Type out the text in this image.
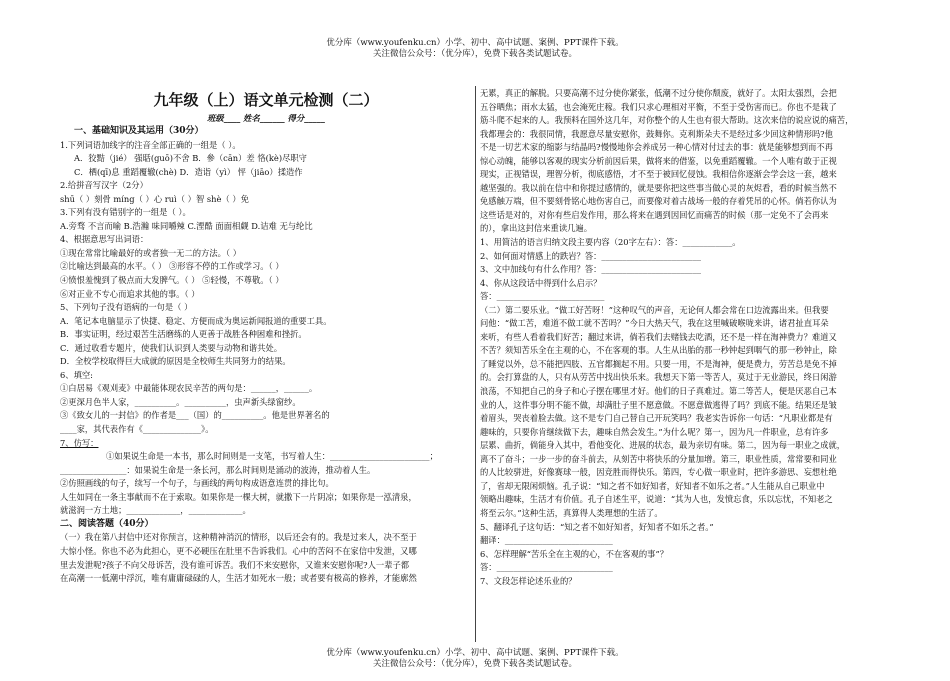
优分库（www.youfenku.cn）小学、初中、高中试题、案例、PPT课件下载。
关注微信公众号：（优分库），免费下载各类试题试卷。

九年级（上）语文单元检测（二）

班级____ 姓名______ 得分_____

一、基础知识及其运用（30分）

1.下列词语加线字的注音全部正确的一组是（ ）。

A．狡黠（jié） 强聒(guō)不舍 B．參（cān）差 恪(kè)尽职守

C．栖(qī)息 重蹈覆辙(chè) D．造诣（yì） 怦（jiāo）揉造作

2.给拼音写汉字（2分）

shū（ ）刻骨 míng（ ）心 ruì（ ）智 shè（ ）免

3.下列有没有错别字的一组是（ ）。

A.旁骛 不言而喻 B.浩瀚 味同嚼辣 C.湮酷 面面相觑 D.诘难 无与纶比

4、根据意思写出词语：

①现在常常比喻最好的或者独一无二的方法。（ ）

②比喻达到最高的水平。（ ） ③形容不停的工作或学习。（ ）

④愤恨羞愧到了极点而大发脾气。（ ） ⑤轻慢，不尊敬。（ ）

⑥对正业不专心而追求其他的事。（ ）

5、下列句子没有语病的一句是（ ）

A．笔记本电脑显示了快捷、稳定、方便而成为奥运新闻报道的重要工具。

B．事实证明，经过艰苦生活磨练的人更善于战胜各种困难和挫折。

C．通过收看专题片，使我们认识到人类要与动物和谐共处。

D．全校学校取得巨大成就的原因是全校师生共同努力的结果。

6、填空:

①白居易《观刈麦》中最能体现农民辛苦的两句是：______，______。

②更深月色半人家，__________。__________，虫声新头绿窗纱。

③《致女儿的一封信》的作者是___（国）的__________。他是世界著名的

____家，其代表作有《______________》。

7、仿写：

①如果说生命是一本书，那么时间则是一支笔，书写着人生：________________________；

________________：如果说生命是一条长河，那么时间则是涌动的波涛，推动着人生。

②仿照画线的句子，续写一个句子，与画线的两句构成语意连贯的排比句。

人生如同在一条主事献而不在于索取。如果你是一棵大树，就撒下一片阴凉；如果你是一泓清泉，

就滋润一方土地；_____________，_____________。

二、阅读答题（40分）

（一）我在第八封信中还对你预言，这种精神消沉的情形，以后还会有的。我是过来人，决不至于

大惊小怪。你也不必为此担心，更不必硬压在肚里不告诉我们。心中的苦闷不在家信中发泄，又哪

里去发泄呢?孩子不向父母诉苦，没有谁可诉苦。我们不来安慰你，又谁来安慰你呢?人一辈子都

在高潮一一低潮中浮沉，唯有庸庸碌碌的人，生活才如死水一般；或者要有极高的修养，才能廓然

无累，真正的解脱。只要高潮不过分使你紧张，低潮不过分使你颓废，就好了。太阳太强烈，会把

五谷晒焦；雨水太猛，也会淹死庄稼。我们只求心理相对平衡，不至于受伤害而已。你也不是栽了

筋斗爬不起来的人。我预料在国外这几年，对你整个的人生也有很大帮助。这次来信的说应说的痛苦，

我都理会的：我很同情，我愿意尽量安慰你，鼓舞你。克利斯朵夫不是经过多少回这种情形吗?他

不是一切艺术家的缩影与结晶吗?慢慢地你会养成另一种心情对付过去的事：就是能够想到而不再

惊心动魄，能够以客观的现实分析前因后果，做将来的借鉴，以免重蹈覆辙。一个人唯有敢于正视

现实，正视错误，理智分析，彻底感悟，才不至于被回忆侵蚀。我相信你逐渐会学会这一套，越来

越坚强的。我以前在信中和你提过感情的，就是要你把这些事当做心灵的灰烬看，看的时候当然不

免感触万端，但不要刻骨铭心地伤害自己，而要像对着古战场一般的存着凭吊的心怀。倘若你认为

这些话是对的，对你有些启发作用，那么将来在遇到因回忆而痛苦的时候（那一定免不了会再来

的），拿出这封信来重读几遍。

1、用简洁的语言归纳文段主要内容（20字左右）：答：____________。

2、如何面对情感上的跌岩？答：________________________

3、文中加线句有什么作用？答：________________________

4、你从这段话中得到什么启示？

答：__________________________

（二）第二要乐业。“做工好苦呀！”这种叹气的声音，无论何人都会常在口边流露出来。但我要

问他：“做工苦，难道不做工就不苦吗？”今日大热天气，我在这里喊破喉咙来讲，诸君扯直耳朵

来听，有些人看着我们好苦；翻过来讲，倘若我们去赌钱去吃酒，还不是一样在淘神费力？难道又

不苦？须知苦乐全在主观的心，不在客观的事。人生从出胎的那一秒钟起到咽气的那一秒钟止，除

了睡觉以外，总不能把四肢、五官都搁起不用。只要一用，不是淘神，便是费力，劳苦总是免不掉

的。会打算盘的人，只有从劳苦中找出快乐来。我想天下第一等苦人，莫过于无业游民，终日闲游

浪荡，不知把自己的身子和心子摆在哪里才好。他们的日子真难过。第二等苦人，便是厌恶自己本

业的人，这件事分明不能不做，却满肚子里不愿意做。不愿意做逃得了吗？到底不能。结果还是皱

着眉头，哭丧着脸去做。这不是专门自己替自己开玩笑吗？我老实告诉你一句话：“凡职业都是有

趣味的，只要你肯继续做下去，趣味自然会发生。”为什么呢？第一，因为凡一件职业，总有许多

层累、曲折，倘能身入其中，看他变化、进展的状态，最为亲切有味。第二，因为每一职业之成就，

离不了奋斗；一步一步的奋斗前去，从刻苦中将快乐的分量加增。第三，职业性质，常常要和同业

的人比较骈进，好像赛球一般，因竞胜而得快乐。第四，专心做一职业时，把许多游思、妄想杜绝

了，省却无限闲烦恼。孔子说：“知之者不如好知者，好知者不如乐之者。”人生能从自己职业中

领略出趣味，生活才有价值。孔子自述生平，说道：“其为人也，发愤忘食，乐以忘忧，不知老之

将至云尔。”这种生活，真算得人类理想的生活了。

5、翻译孔子这句话：“知之者不如好知者，好知者不如乐之者。”

翻译：__________________________

6、怎样理解“苦乐全在主观的心，不在客观的事”？

答：____________________________

7、文段怎样论述乐业的？

优分库（www.youfenku.cn）小学、初中、高中试题、案例、PPT课件下载。
关注微信公众号：（优分库），免费下载各类试题试卷。
